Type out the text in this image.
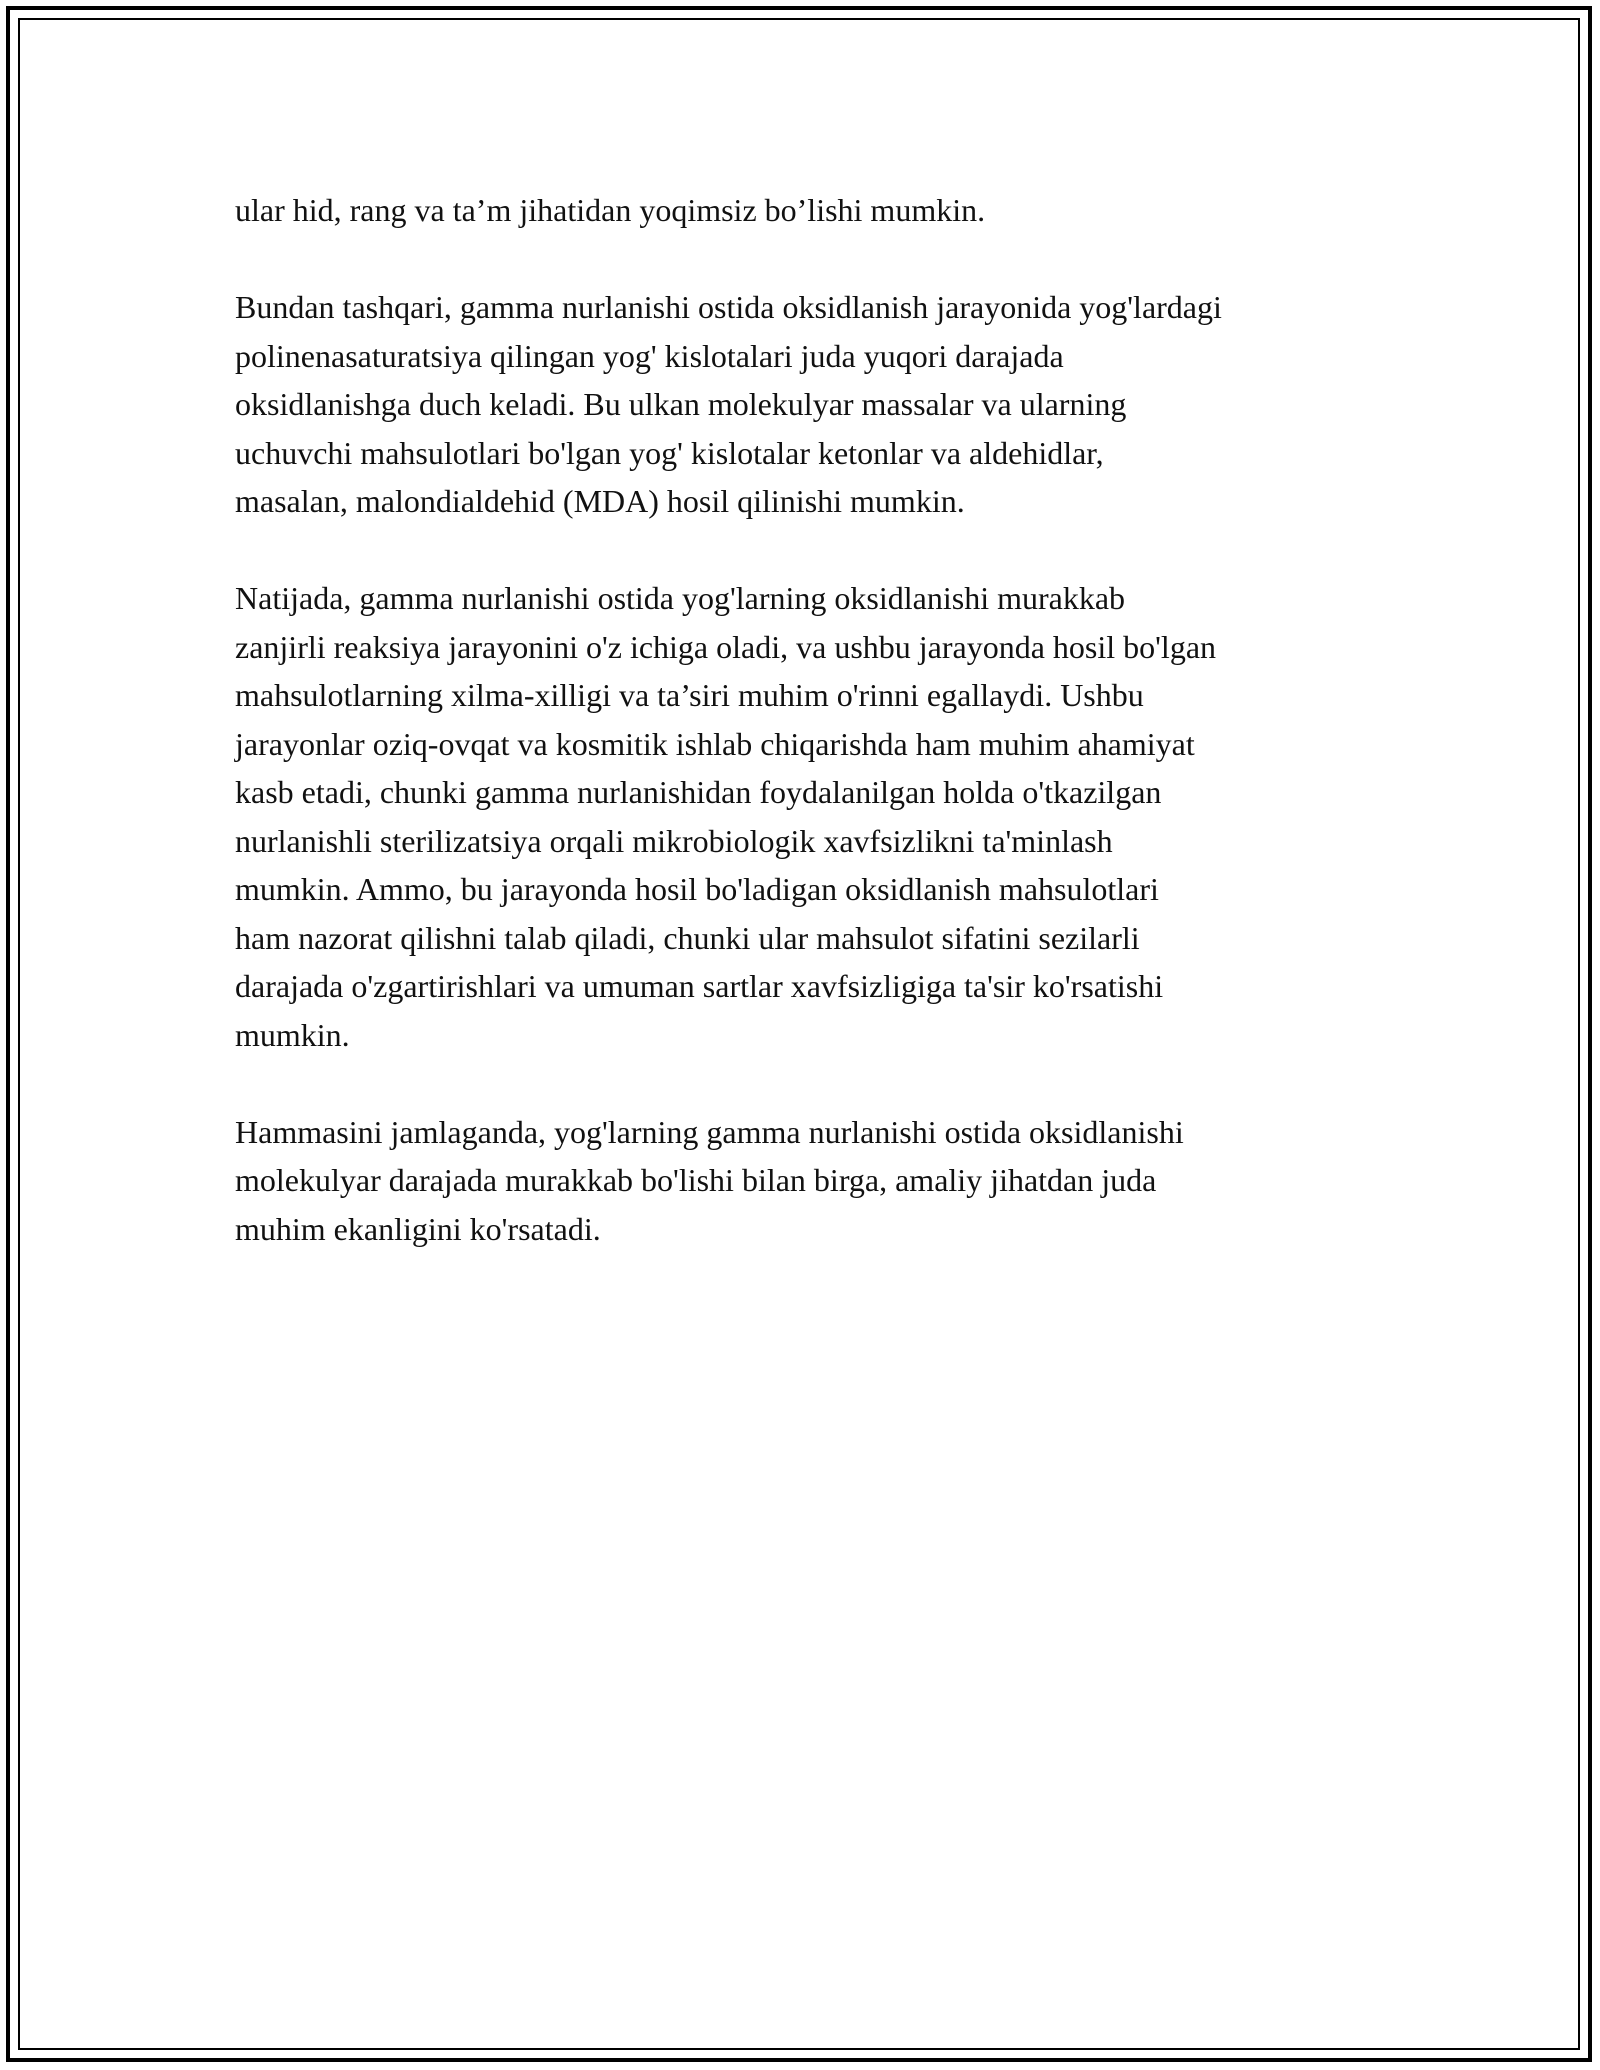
ular hid, rang va ta’m jihatidan yoqimsiz bo’lishi mumkin.

Bundan tashqari, gamma nurlanishi ostida oksidlanish jarayonida yog'lardagi
polinenasaturatsiya qilingan yog' kislotalari juda yuqori darajada
oksidlanishga duch keladi. Bu ulkan molekulyar massalar va ularning
uchuvchi mahsulotlari bo'lgan yog' kislotalar ketonlar va aldehidlar,
masalan, malondialdehid (MDA) hosil qilinishi mumkin.

Natijada, gamma nurlanishi ostida yog'larning oksidlanishi murakkab
zanjirli reaksiya jarayonini o'z ichiga oladi, va ushbu jarayonda hosil bo'lgan
mahsulotlarning xilma-xilligi va ta’siri muhim o'rinni egallaydi. Ushbu
jarayonlar oziq-ovqat va kosmitik ishlab chiqarishda ham muhim ahamiyat
kasb etadi, chunki gamma nurlanishidan foydalanilgan holda o'tkazilgan
nurlanishli sterilizatsiya orqali mikrobiologik xavfsizlikni ta'minlash
mumkin. Ammo, bu jarayonda hosil bo'ladigan oksidlanish mahsulotlari
ham nazorat qilishni talab qiladi, chunki ular mahsulot sifatini sezilarli
darajada o'zgartirishlari va umuman sartlar xavfsizligiga ta'sir ko'rsatishi
mumkin.

Hammasini jamlaganda, yog'larning gamma nurlanishi ostida oksidlanishi
molekulyar darajada murakkab bo'lishi bilan birga, amaliy jihatdan juda
muhim ekanligini ko'rsatadi.
